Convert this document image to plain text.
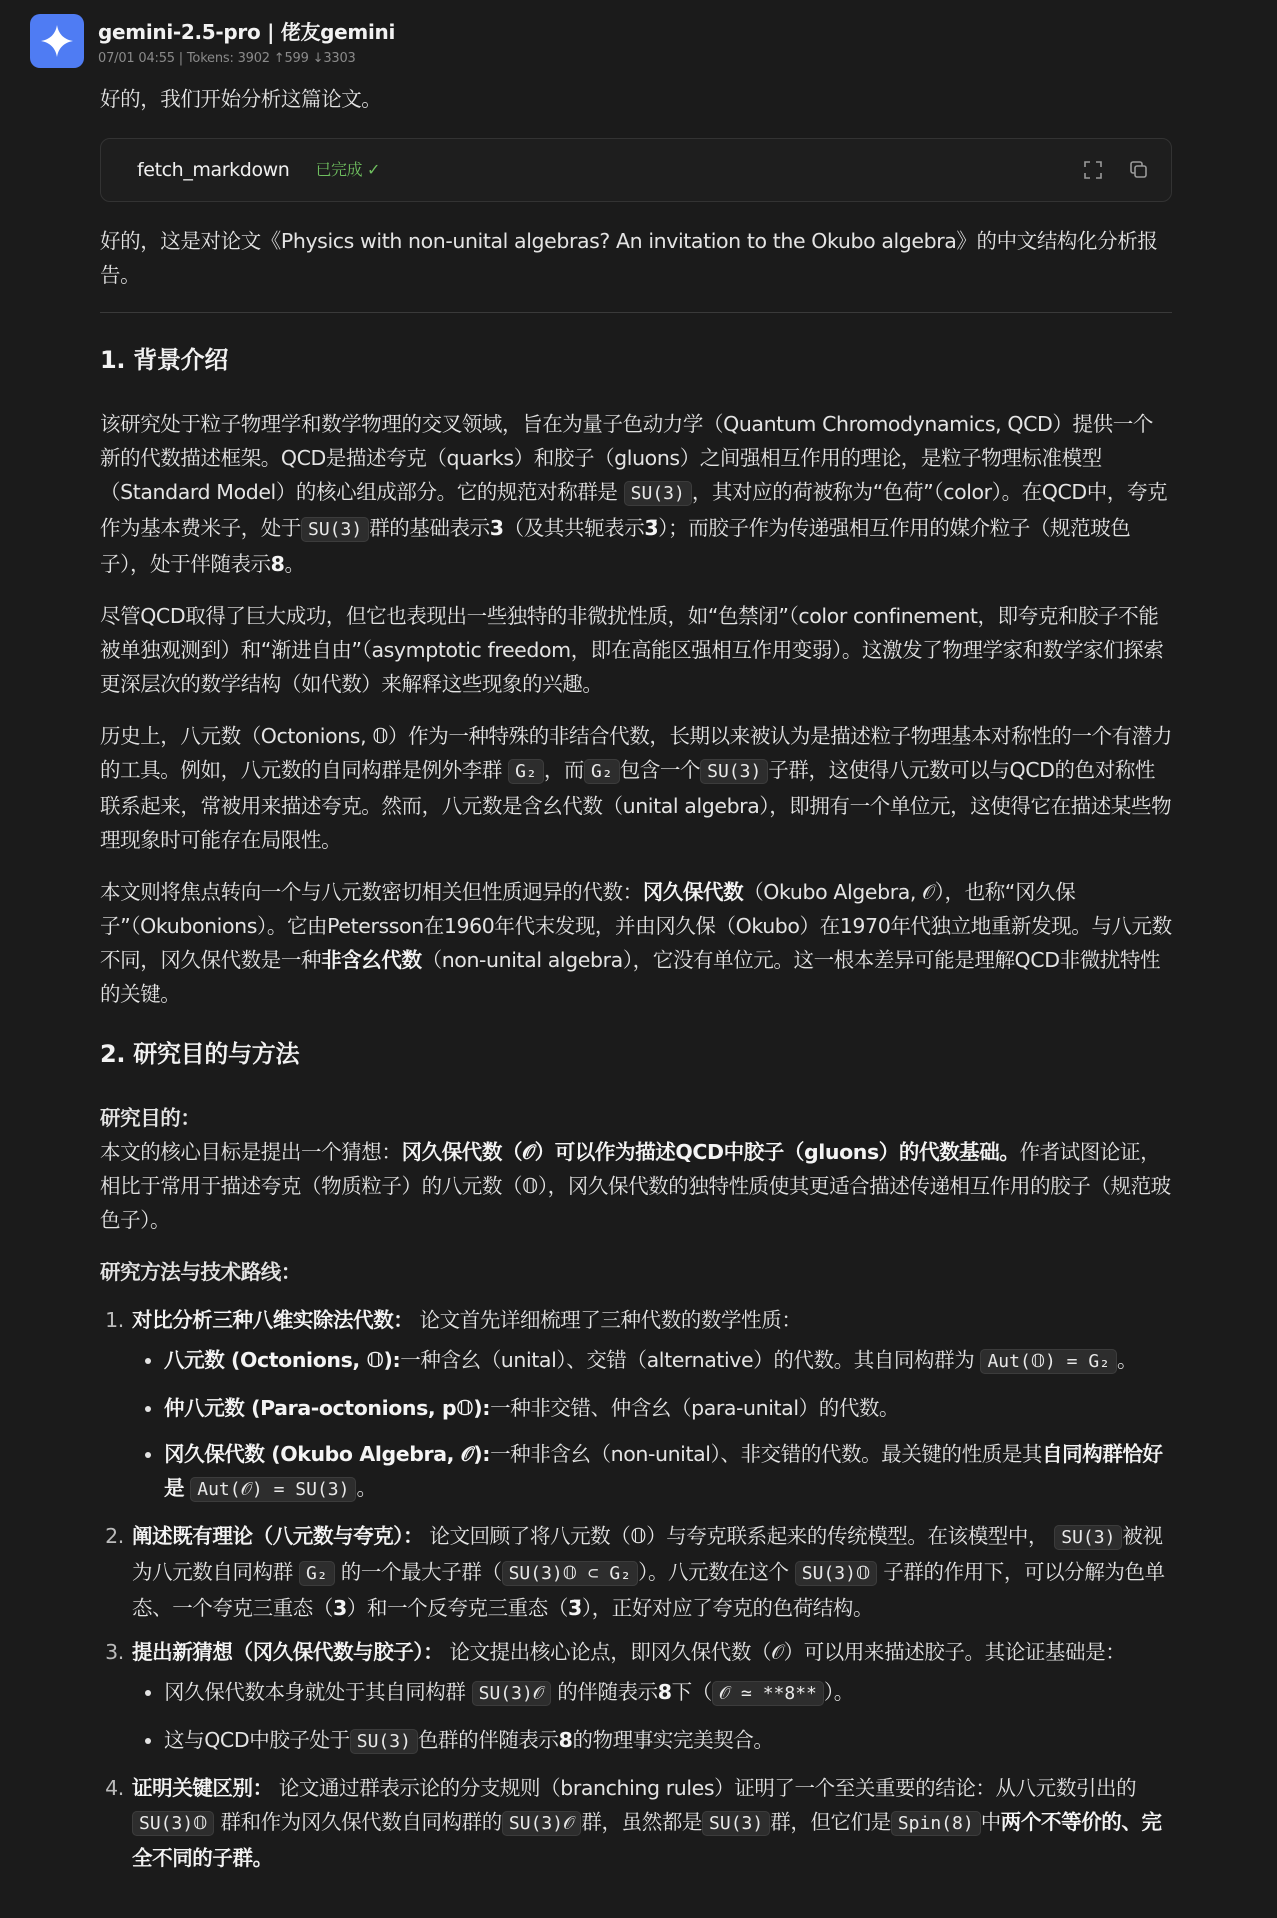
gemini-2.5-pro | 佬友gemini
07/01 04:55 | Tokens: 3902 ↑599 ↓3303

好的，我们开始分析这篇论文。

fetch_markdown 已完成 ✓

好的，这是对论文《Physics with non-unital algebras? An invitation to the Okubo algebra》的中文结构化分析报告。

1. 背景介绍

该研究处于粒子物理学和数学物理的交叉领域，旨在为量子色动力学（Quantum Chromodynamics, QCD）提供一个新的代数描述框架。QCD是描述夸克（quarks）和胶子（gluons）之间强相互作用的理论，是粒子物理标准模型（Standard Model）的核心组成部分。它的规范对称群是 SU(3) ，其对应的荷被称为“色荷”（color）。在QCD中，夸克作为基本费米子，处于 SU(3) 群的基础表示3（及其共轭表示3̄）；而胶子作为传递强相互作用的媒介粒子（规范玻色子），处于伴随表示8。

尽管QCD取得了巨大成功，但它也表现出一些独特的非微扰性质，如“色禁闭”（color confinement，即夸克和胶子不能被单独观测到）和“渐进自由”（asymptotic freedom，即在高能区强相互作用变弱）。这激发了物理学家和数学家们探索更深层次的数学结构（如代数）来解释这些现象的兴趣。

历史上，八元数（Octonions, 𝕆）作为一种特殊的非结合代数，长期以来被认为是描述粒子物理基本对称性的一个有潜力的工具。例如，八元数的自同构群是例外李群 G₂ ，而 G₂ 包含一个 SU(3) 子群，这使得八元数可以与QCD的色对称性联系起来，常被用来描述夸克。然而，八元数是含幺代数（unital algebra），即拥有一个单位元，这使得它在描述某些物理现象时可能存在局限性。

本文则将焦点转向一个与八元数密切相关但性质迥异的代数：冈久保代数（Okubo Algebra, 𝒪），也称“冈久保子”（Okubonions）。它由Petersson在1960年代末发现，并由冈久保（Okubo）在1970年代独立地重新发现。与八元数不同，冈久保代数是一种非含幺代数（non-unital algebra），它没有单位元。这一根本差异可能是理解QCD非微扰特性的关键。

2. 研究目的与方法

研究目的：

本文的核心目标是提出一个猜想：冈久保代数（𝒪）可以作为描述QCD中胶子（gluons）的代数基础。作者试图论证，相比于常用于描述夸克（物质粒子）的八元数（𝕆），冈久保代数的独特性质使其更适合描述传递相互作用的胶子（规范玻色子）。

研究方法与技术路线：

1. 对比分析三种八维实除法代数： 论文首先详细梳理了三种代数的数学性质：
• 八元数 (Octonions, 𝕆):一种含幺（unital）、交错（alternative）的代数。其自同构群为 Aut(𝕆) = G₂ 。
• 仲八元数 (Para-octonions, p𝕆):一种非交错、仲含幺（para-unital）的代数。
• 冈久保代数 (Okubo Algebra, 𝒪):一种非含幺（non-unital）、非交错的代数。最关键的性质是其自同构群恰好是 Aut(𝒪) = SU(3) 。
2. 阐述既有理论（八元数与夸克）： 论文回顾了将八元数（𝕆）与夸克联系起来的传统模型。在该模型中， SU(3) 被视为八元数自同构群 G₂ 的一个最大子群（ SU(3)𝕆 ⊂ G₂ ）。八元数在这个 SU(3)𝕆 子群的作用下，可以分解为色单态、一个夸克三重态（3）和一个反夸克三重态（3̄），正好对应了夸克的色荷结构。
3. 提出新猜想（冈久保代数与胶子）： 论文提出核心论点，即冈久保代数（𝒪）可以用来描述胶子。其论证基础是：
• 冈久保代数本身就处于其自同构群 SU(3)𝒪 的伴随表示8下（ 𝒪 ≃ **8** ）。
• 这与QCD中胶子处于 SU(3) 色群的伴随表示8的物理事实完美契合。
4. 证明关键区别： 论文通过群表示论的分支规则（branching rules）证明了一个至关重要的结论：从八元数引出的 SU(3)𝕆 群和作为冈久保代数自同构群的 SU(3)𝒪 群，虽然都是 SU(3) 群，但它们是 Spin(8) 中两个不等价的、完全不同的子群。
